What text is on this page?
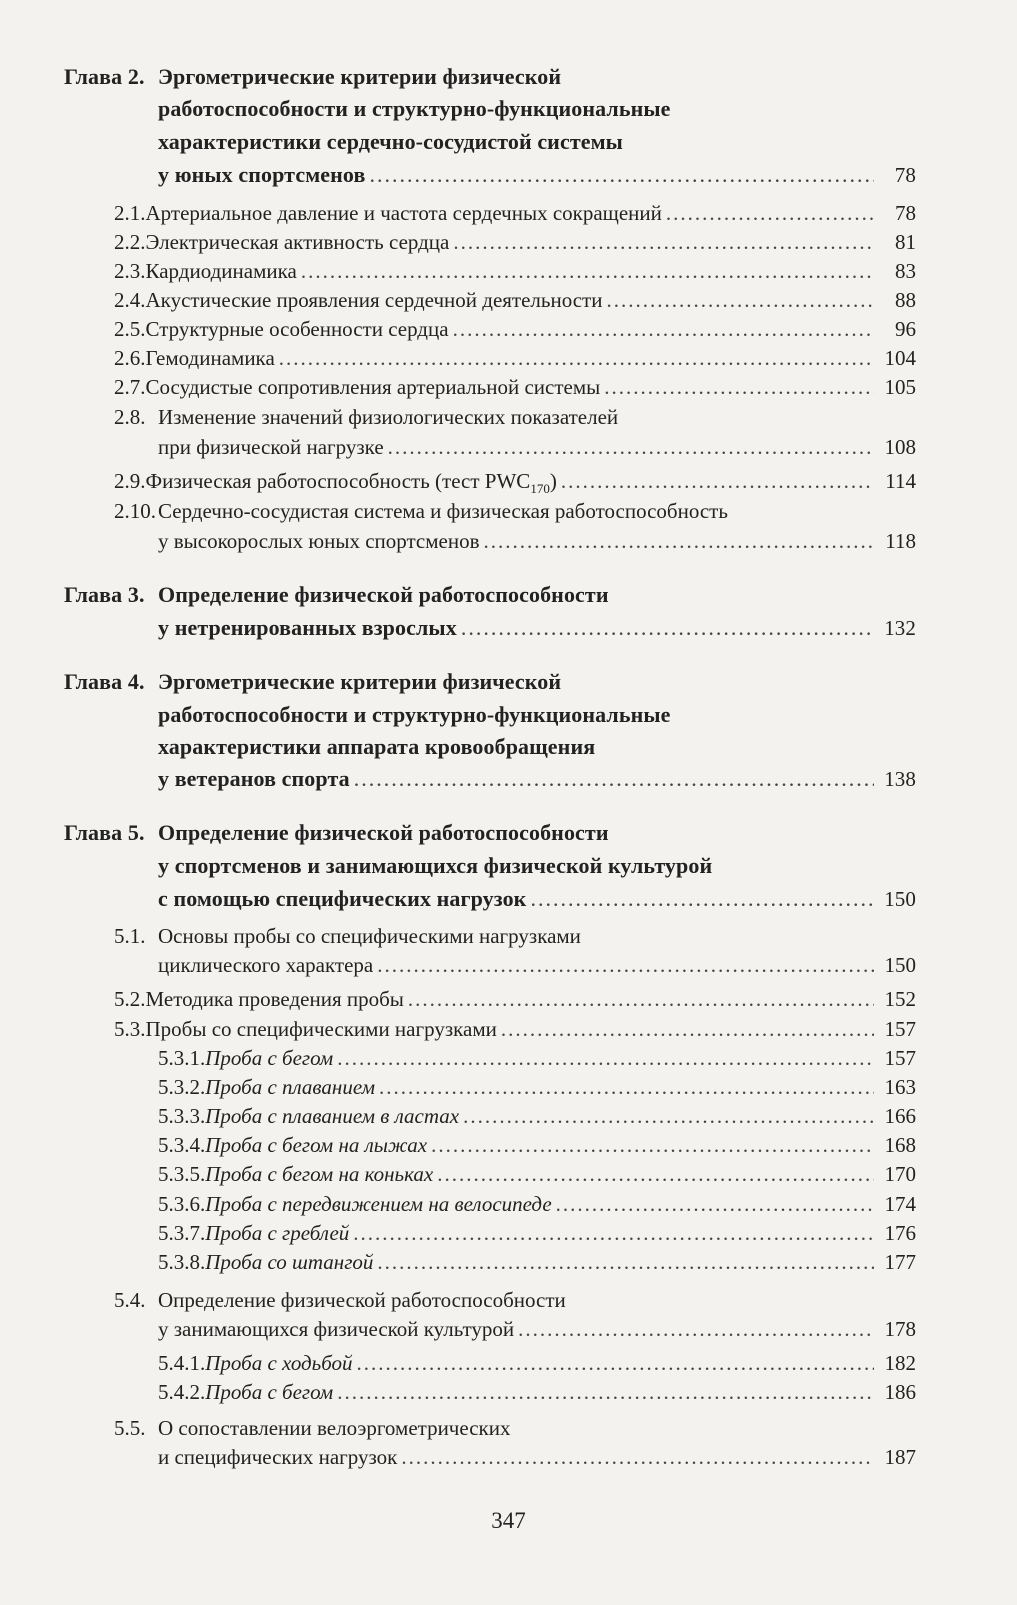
Глава 2. Эргометрические критерии физической
работоспособности и структурно-функциональные
характеристики сердечно-сосудистой системы
у юных спортсменов .....	78
2.1. Артериальное давление и частота сердечных сокращений .....	78
2.2. Электрическая активность сердца .....	81
2.3. Кардиодинамика .....	83
2.4. Акустические проявления сердечной деятельности .....	88
2.5. Структурные особенности сердца .....	96
2.6. Гемодинамика .....	104
2.7. Сосудистые сопротивления артериальной системы .....	105
2.8. Изменение значений физиологических показателей
при физической нагрузке .....	108
2.9. Физическая работоспособность (тест $PWC_{170}$) .....	114
2.10. Сердечно-сосудистая система и физическая работоспособность
у высокорослых юных спортсменов .....	118
Глава 3. Определение физической работоспособности
у нетренированных взрослых .....	132
Глава 4. Эргометрические критерии физической
работоспособности и структурно-функциональные
характеристики аппарата кровообращения
у ветеранов спорта .....	138
Глава 5. Определение физической работоспособности
у спортсменов и занимающихся физической культурой
с помощью специфических нагрузок .....	150
5.1. Основы пробы со специфическими нагрузками
циклического характера .....	150
5.2. Методика проведения пробы .....	152
5.3. Пробы со специфическими нагрузками .....	157
5.3.1. Проба с бегом .....	157
5.3.2. Проба с плаванием .....	163
5.3.3. Проба с плаванием в ластах .....	166
5.3.4. Проба с бегом на лыжах .....	168
5.3.5. Проба с бегом на коньках .....	170
5.3.6. Проба с передвижением на велосипеде .....	174
5.3.7. Проба с греблей .....	176
5.3.8. Проба со штангой .....	177
5.4. Определение физической работоспособности
у занимающихся физической культурой .....	178
5.4.1. Проба с ходьбой .....	182
5.4.2. Проба с бегом .....	186
5.5. О сопоставлении велоэргометрических
и специфических нагрузок .....	187
347
